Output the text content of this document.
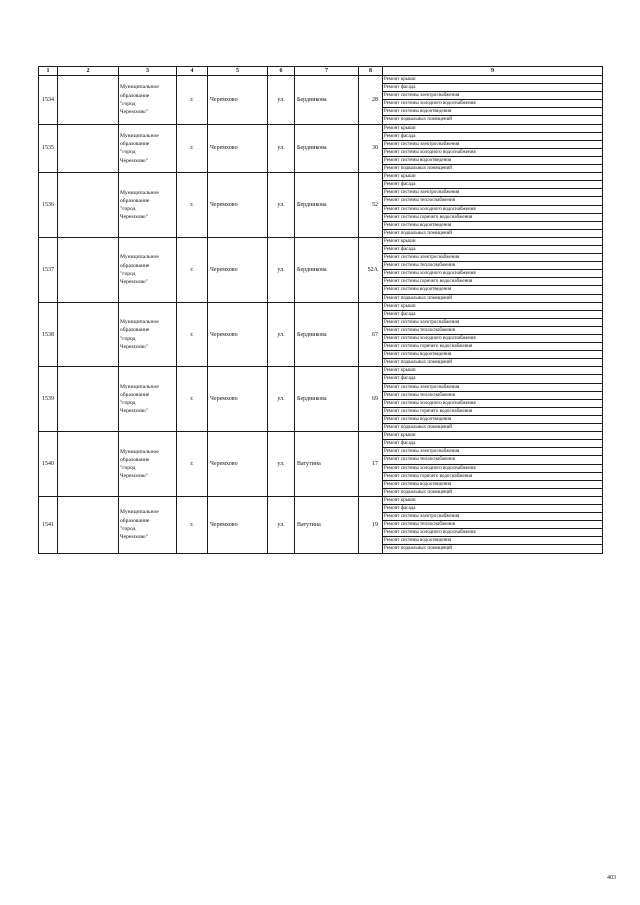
1	2	3	4	5	6	7	8	9
1534		Муниципальное
образование
"город
Черемхово"	г.	Черемхово	ул.	Бердникова	28	Ремонт крыши
								Ремонт фасада
								Ремонт системы электроснабжения
								Ремонт системы холодного водоснабжения
								Ремонт системы водоотведения
								Ремонт подвальных помещений
1535		Муниципальное
образование
"город
Черемхово"	г.	Черемхово	ул.	Бердникова	30	Ремонт крыши
								Ремонт фасада
								Ремонт системы электроснабжения
								Ремонт системы холодного водоснабжения
								Ремонт системы водоотведения
								Ремонт подвальных помещений
1536		Муниципальное
образование
"город
Черемхово"	г.	Черемхово	ул.	Бердникова	52	Ремонт крыши
								Ремонт фасада
								Ремонт системы электроснабжения
								Ремонт системы теплоснабжения
								Ремонт системы холодного водоснабжения
								Ремонт системы горячего водоснабжения
								Ремонт системы водоотведения
								Ремонт подвальных помещений
1537		Муниципальное
образование
"город
Черемхово"	г.	Черемхово	ул.	Бердникова	52А	Ремонт крыши
								Ремонт фасада
								Ремонт системы электроснабжения
								Ремонт системы теплоснабжения
								Ремонт системы холодного водоснабжения
								Ремонт системы горячего водоснабжения
								Ремонт системы водоотведения
								Ремонт подвальных помещений
1538		Муниципальное
образование
"город
Черемхово"	г.	Черемхово	ул.	Бердникова	67	Ремонт крыши
								Ремонт фасада
								Ремонт системы электроснабжения
								Ремонт системы теплоснабжения
								Ремонт системы холодного водоснабжения
								Ремонт системы горячего водоснабжения
								Ремонт системы водоотведения
								Ремонт подвальных помещений
1539		Муниципальное
образование
"город
Черемхово"	г.	Черемхово	ул.	Бердникова	69	Ремонт крыши
								Ремонт фасада
								Ремонт системы электроснабжения
								Ремонт системы теплоснабжения
								Ремонт системы холодного водоснабжения
								Ремонт системы горячего водоснабжения
								Ремонт системы водоотведения
								Ремонт подвальных помещений
1540		Муниципальное
образование
"город
Черемхово"	г.	Черемхово	ул.	Ватутина	17	Ремонт крыши
								Ремонт фасада
								Ремонт системы электроснабжения
								Ремонт системы теплоснабжения
								Ремонт системы холодного водоснабжения
								Ремонт системы горячего водоснабжения
								Ремонт системы водоотведения
								Ремонт подвальных помещений
1541		Муниципальное
образование
"город
Черемхово"	г.	Черемхово	ул.	Ватутина	19	Ремонт крыши
								Ремонт фасада
								Ремонт системы электроснабжения
								Ремонт системы теплоснабжения
								Ремонт системы холодного водоснабжения
								Ремонт системы водоотведения
								Ремонт подвальных помещений
403
